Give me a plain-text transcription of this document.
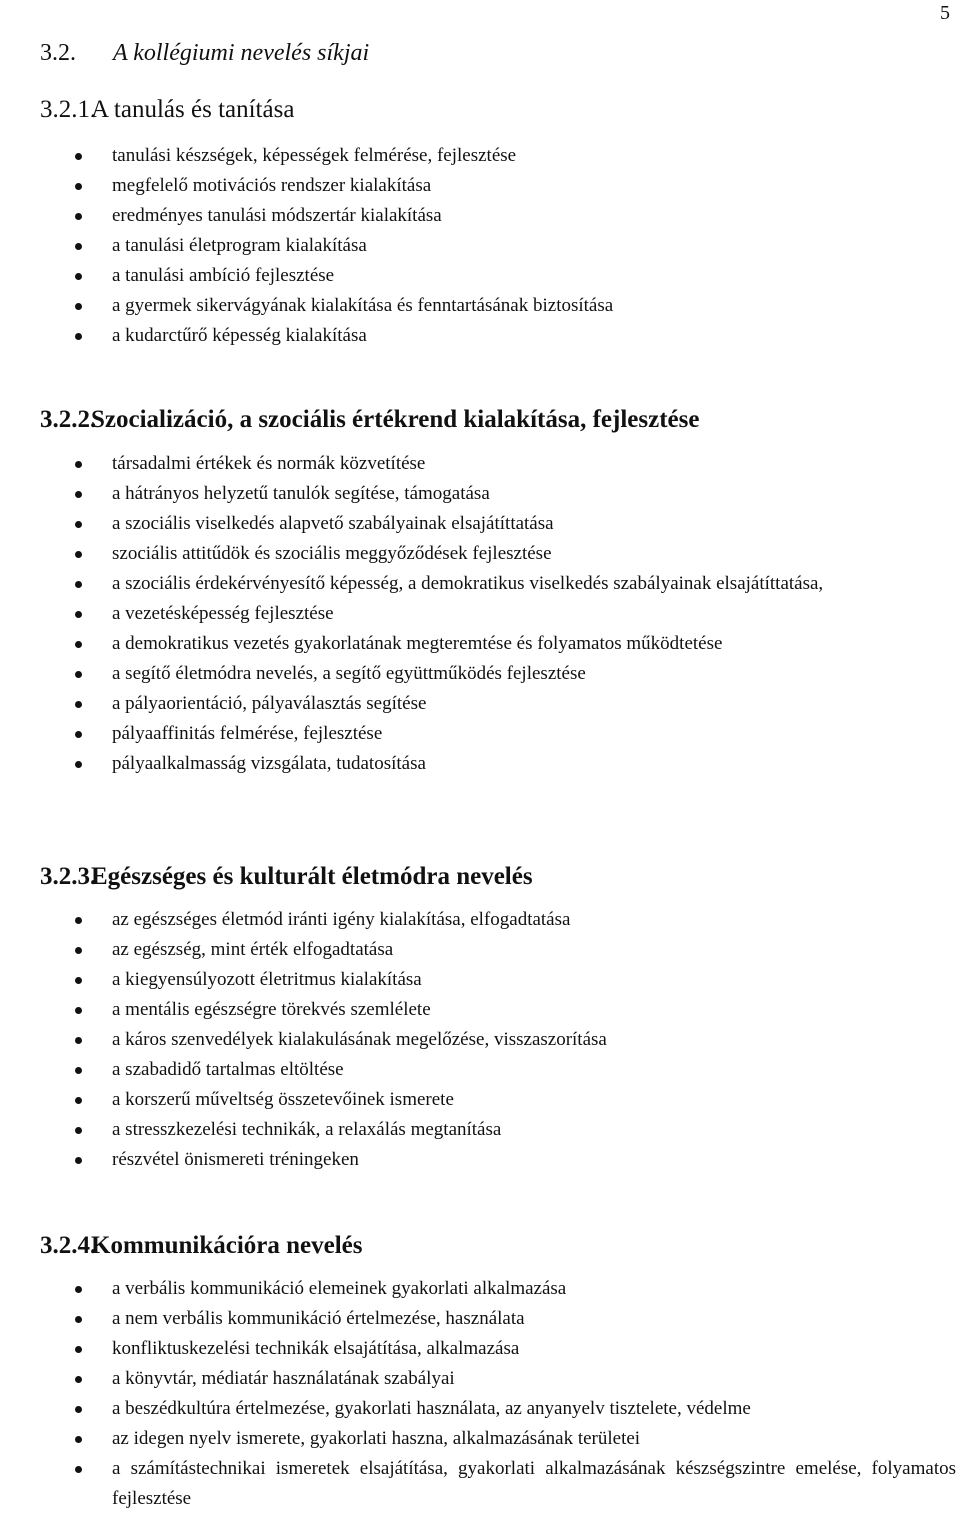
5
3.2. A kollégiumi nevelés síkjai
3.2.1.A tanulás és tanítása
tanulási készségek, képességek felmérése, fejlesztése
megfelelő motivációs rendszer kialakítása
eredményes tanulási módszertár kialakítása
a tanulási életprogram kialakítása
a tanulási ambíció fejlesztése
a gyermek sikervágyának kialakítása és fenntartásának biztosítása
a kudarctűrő képesség kialakítása
3.2.2.Szocializáció, a szociális értékrend kialakítása, fejlesztése
társadalmi értékek és normák közvetítése
a hátrányos helyzetű tanulók segítése, támogatása
a szociális viselkedés alapvető szabályainak elsajátíttatása
szociális attitűdök és szociális meggyőződések fejlesztése
a szociális érdekérvényesítő képesség, a demokratikus viselkedés szabályainak elsajátíttatása,
a vezetésképesség fejlesztése
a demokratikus vezetés gyakorlatának megteremtése és folyamatos működtetése
a segítő életmódra nevelés, a segítő együttműködés fejlesztése
a pályaorientáció, pályaválasztás segítése
pályaaffinitás felmérése, fejlesztése
pályaalkalmasság vizsgálata, tudatosítása
3.2.3.Egészséges és kulturált életmódra nevelés
az egészséges életmód iránti igény kialakítása, elfogadtatása
az egészség, mint érték elfogadtatása
a kiegyensúlyozott életritmus kialakítása
a mentális egészségre törekvés szemlélete
a káros szenvedélyek kialakulásának megelőzése, visszaszorítása
a szabadidő tartalmas eltöltése
a korszerű műveltség összetevőinek ismerete
a stresszkezelési technikák, a relaxálás megtanítása
részvétel önismereti tréningeken
3.2.4.Kommunikációra nevelés
a verbális kommunikáció elemeinek gyakorlati alkalmazása
a nem verbális kommunikáció értelmezése, használata
konfliktuskezelési technikák elsajátítása, alkalmazása
a könyvtár, médiatár használatának szabályai
a beszédkultúra értelmezése, gyakorlati használata, az anyanyelv tisztelete, védelme
az idegen nyelv ismerete, gyakorlati haszna, alkalmazásának területei
a számítástechnikai ismeretek elsajátítása, gyakorlati alkalmazásának készségszintre emelése, folyamatos fejlesztése
